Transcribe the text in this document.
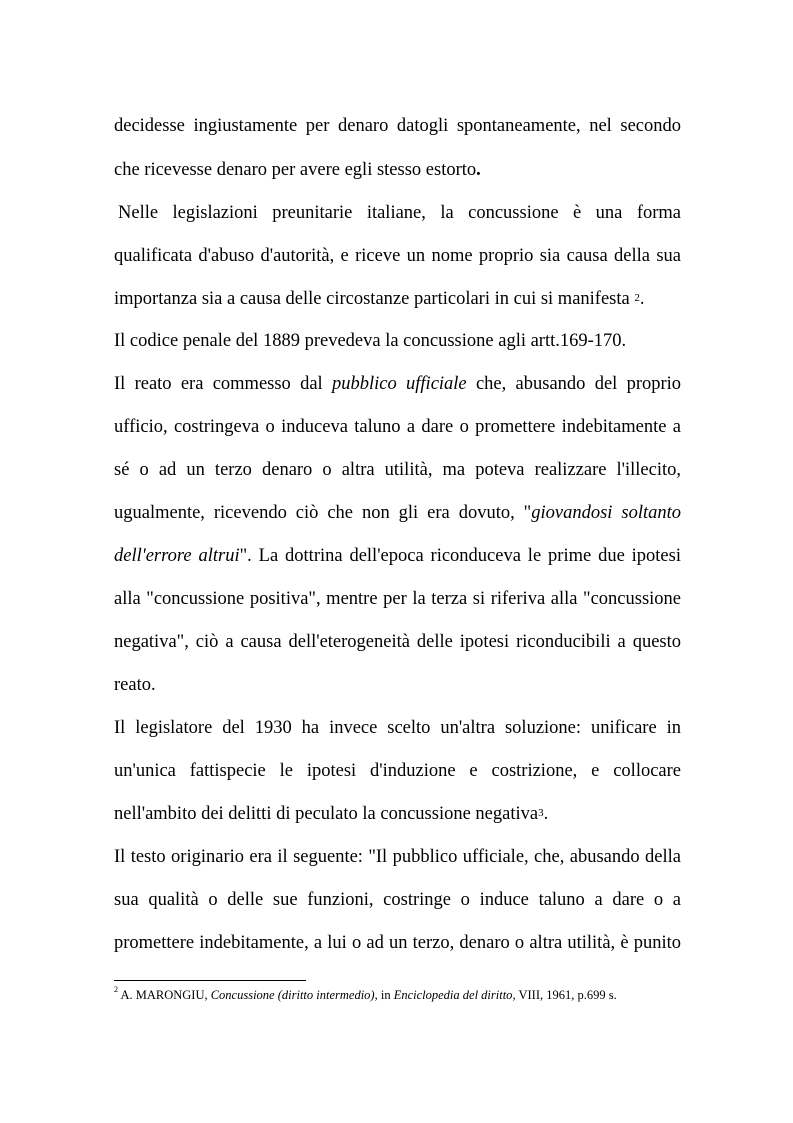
decidesse ingiustamente per denaro datogli spontaneamente, nel secondo
che ricevesse denaro per avere egli stesso estorto.
Nelle legislazioni preunitarie italiane, la concussione è una forma
qualificata d'abuso d'autorità, e riceve un nome proprio sia causa della sua
importanza sia a causa delle circostanze particolari in cui si manifesta $^2$.
Il codice penale del 1889 prevedeva la concussione agli artt.169-170.
Il reato era commesso dal pubblico ufficiale che, abusando del proprio
ufficio, costringeva o induceva taluno a dare o promettere indebitamente a
sé o ad un terzo denaro o altra utilità, ma poteva realizzare l'illecito,
ugualmente, ricevendo ciò che non gli era dovuto, "giovandosi soltanto
dell'errore altrui". La dottrina dell'epoca riconduceva le prime due ipotesi
alla "concussione positiva", mentre per la terza si riferiva alla "concussione
negativa", ciò a causa dell'eterogeneità delle ipotesi riconducibili a questo
reato.
Il legislatore del 1930 ha invece scelto un'altra soluzione: unificare in
un'unica fattispecie le ipotesi d'induzione e costrizione, e collocare
nell'ambito dei delitti di peculato la concussione negativa$^3$.
Il testo originario era il seguente: "Il pubblico ufficiale, che, abusando della
sua qualità o delle sue funzioni, costringe o induce taluno a dare o a
promettere indebitamente, a lui o ad un terzo, denaro o altra utilità, è punito
$^2$ A. MARONGIU, Concussione (diritto intermedio), in Enciclopedia del diritto, VIII, 1961, p.699 s.
